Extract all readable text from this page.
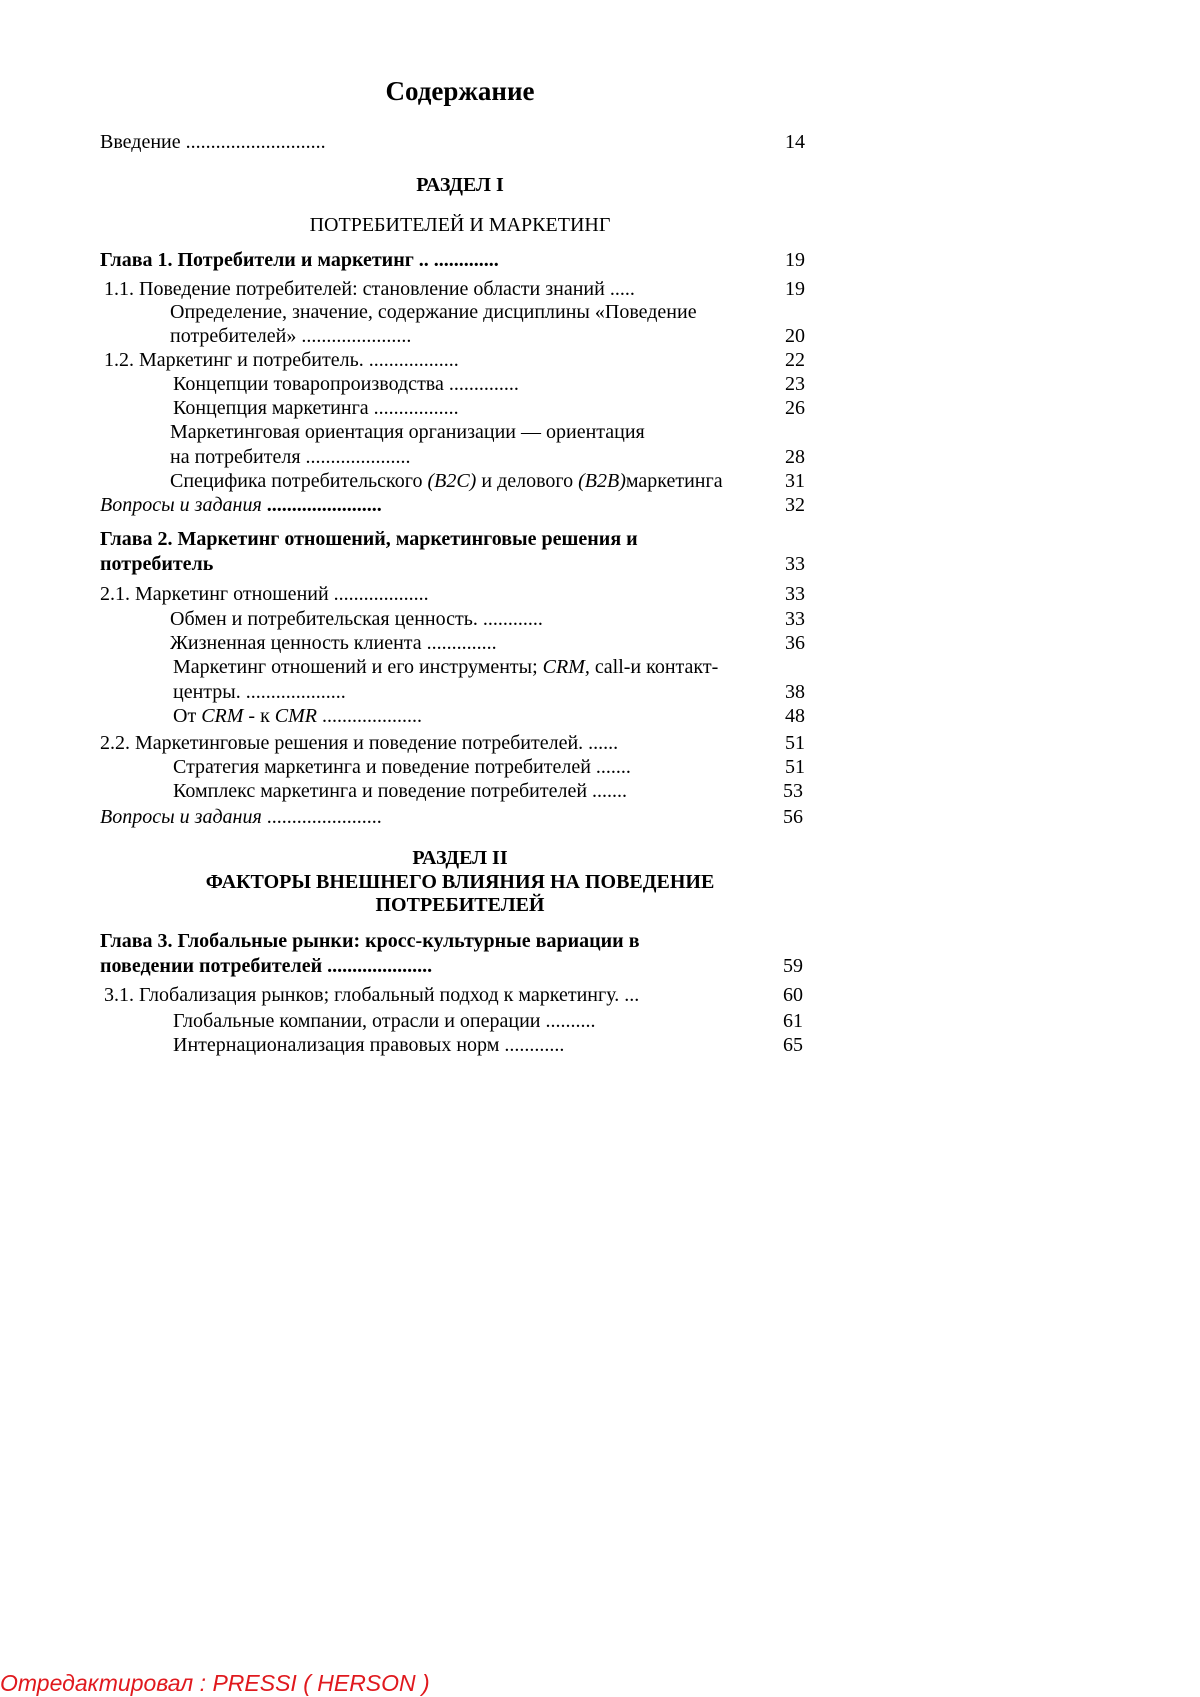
Содержание
Введение ............................	14
РАЗДЕЛ I
ПОТРЕБИТЕЛЕЙ И МАРКЕТИНГ
Глава 1. Потребители и маркетинг .. .............	19
1.1. Поведение потребителей: становление области знаний .....	19
Определение, значение, содержание дисциплины «Поведение
потребителей» ......................	20
1.2. Маркетинг и потребитель. ..................	22
Концепции товаропроизводства ..............	23
Концепция маркетинга .................	26
Маркетинговая ориентация организации — ориентация
на потребителя .....................	28
Специфика потребительского (B2C) и делового (B2B)маркетинга	31
Вопросы и задания .......................	32
Глава 2. Маркетинг отношений, маркетинговые решения и
потребитель	33
2.1. Маркетинг отношений ...................	33
Обмен и потребительская ценность. ............	33
Жизненная ценность клиента ..............	36
Маркетинг отношений и его инструменты; CRM, call-и контакт-
центры. ....................	38
От CRM - к CMR ....................	48
2.2. Маркетинговые решения и поведение потребителей. ......	51
Стратегия маркетинга и поведение потребителей .......	51
Комплекс маркетинга и поведение потребителей .......	53
Вопросы и задания .......................	56
РАЗДЕЛ II
ФАКТОРЫ ВНЕШНЕГО ВЛИЯНИЯ НА ПОВЕДЕНИЕ
ПОТРЕБИТЕЛЕЙ
Глава 3. Глобальные рынки: кросс-культурные вариации в
поведении потребителей .....................	59
3.1. Глобализация рынков; глобальный подход к маркетингу. ...	60
Глобальные компании, отрасли и операции ..........	61
Интернационализация правовых норм ............	65
Отредактировал : PRESSI ( HERSON )
